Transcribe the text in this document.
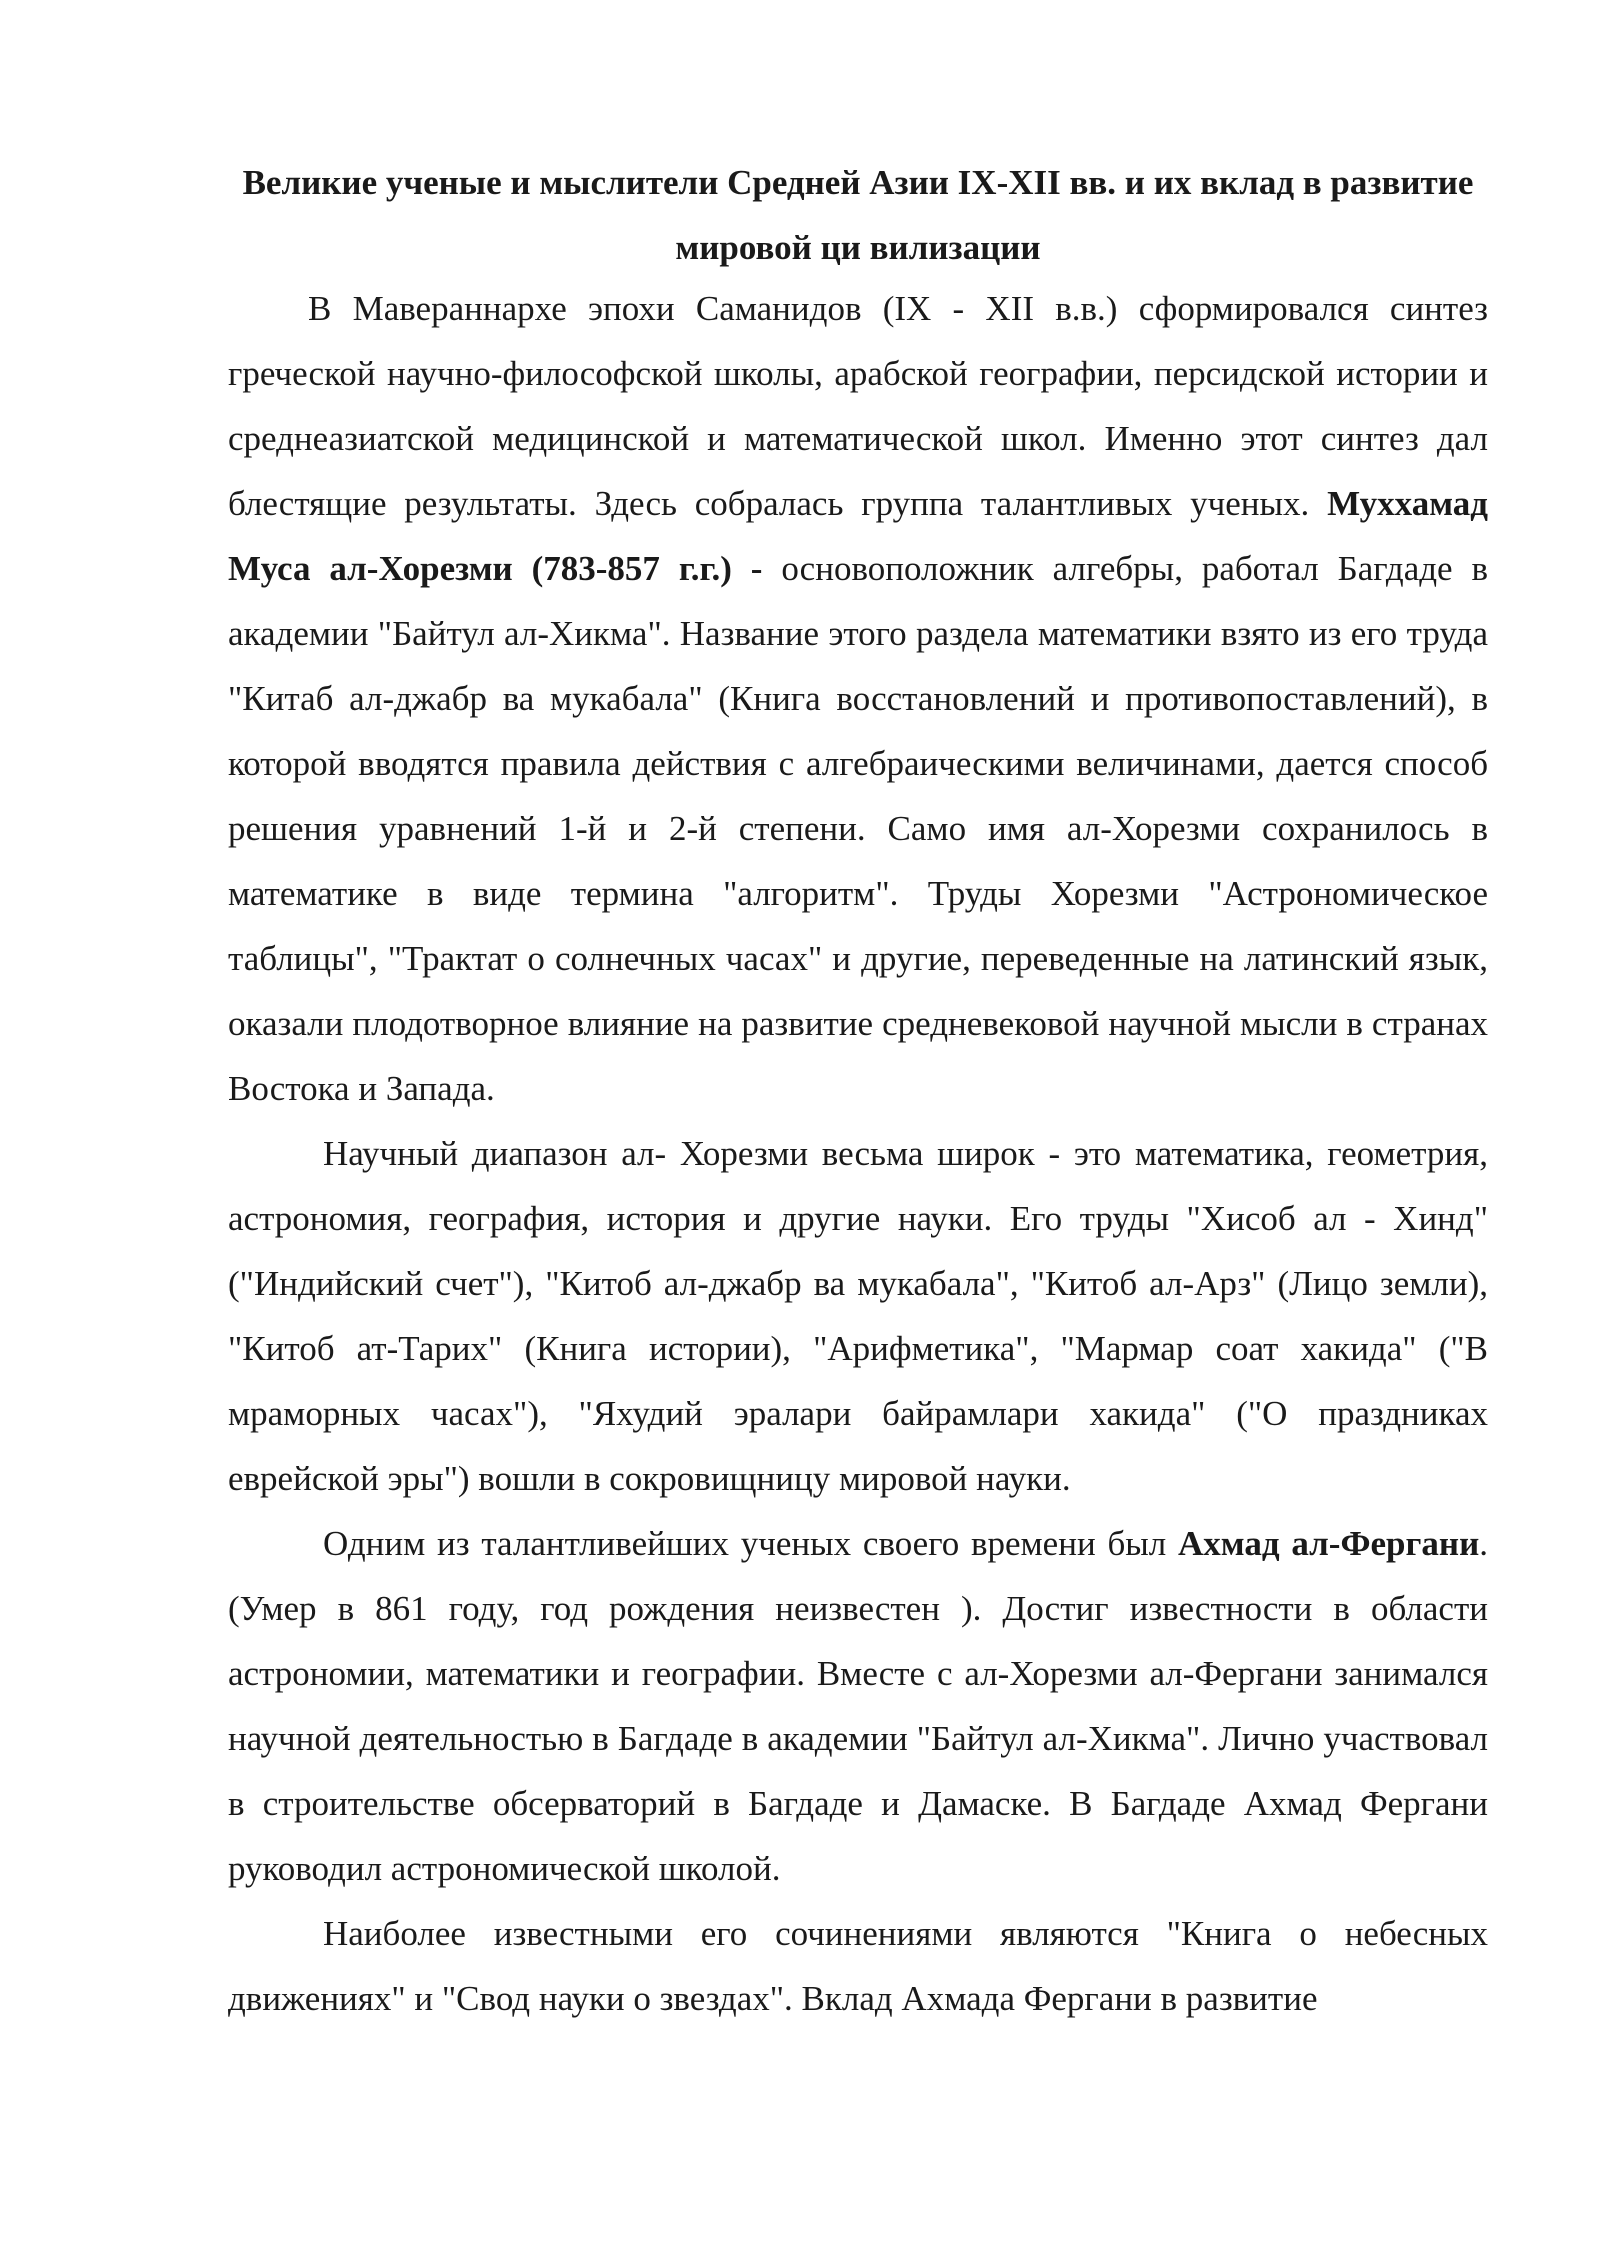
Великие ученые и мыслители Средней Азии IX-XII вв. и их вклад в развитие мировой ци вилизации

В Мавераннархе эпохи Саманидов (IX - XII в.в.) сформировался синтез греческой научно-философской школы, арабской географии, персидской истории и среднеазиатской медицинской и математической школ. Именно этот синтез дал блестящие результаты. Здесь собралась группа талантливых ученых. Муххамад Муса ал-Хорезми (783-857 г.г.) - основоположник алгебры, работал Багдаде в академии "Байтул ал-Хикма". Название этого раздела математики взято из его труда "Китаб ал-джабр ва мукабала" (Книга восстановлений и противопоставлений), в которой вводятся правила действия с алгебраическими величинами, дается способ решения уравнений 1-й и 2-й степени. Само имя ал-Хорезми сохранилось в математике в виде термина "алгоритм". Труды Хорезми "Астрономическое таблицы", "Трактат о солнечных часах" и другие, переведенные на латинский язык, оказали плодотворное влияние на развитие средневековой научной мысли в странах Востока и Запада.

Научный диапазон ал- Хорезми весьма широк - это математика, геометрия, астрономия, география, история и другие науки. Его труды "Хисоб ал - Хинд" ("Индийский счет"), "Китоб ал-джабр ва мукабала", "Китоб ал-Арз" (Лицо земли), "Китоб ат-Тарих" (Книга истории), "Арифметика", "Мармар соат хакида" ("В мраморных часах"), "Яхудий эралари байрамлари хакида" ("О праздниках еврейской эры") вошли в сокровищницу мировой науки.

Одним из талантливейших ученых своего времени был Ахмад ал-Фергани. (Умер в 861 году, год рождения неизвестен ). Достиг известности в области астрономии, математики и географии. Вместе с ал-Хорезми ал-Фергани занимался научной деятельностью в Багдаде в академии "Байтул ал-Хикма". Лично участвовал в строительстве обсерваторий в Багдаде и Дамаске. В Багдаде Ахмад Фергани руководил астрономической школой.

Наиболее известными его сочинениями являются "Книга о небесных движениях" и "Свод науки о звездах". Вклад Ахмада Фергани в развитие
